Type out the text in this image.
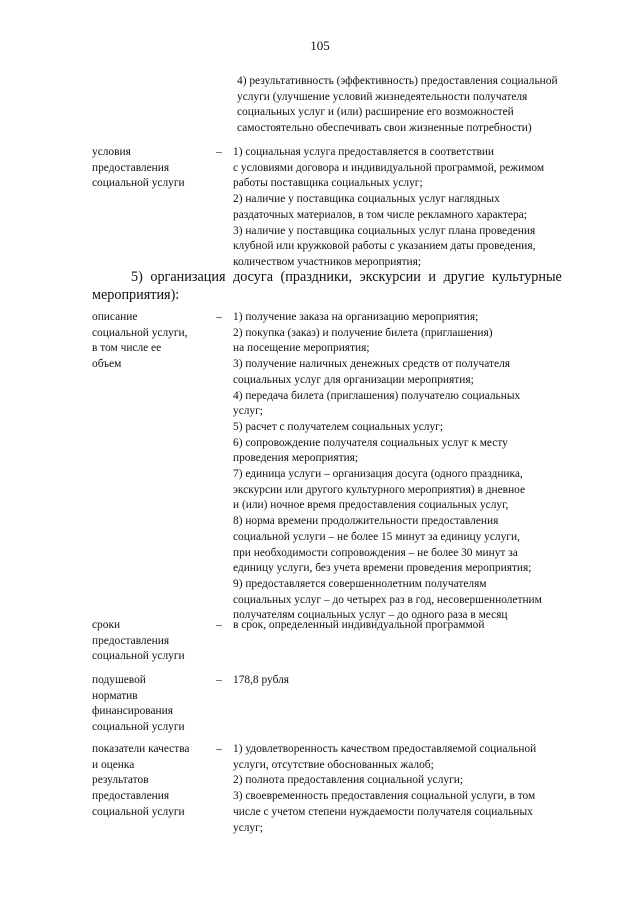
105
4) результативность (эффективность) предоставления социальной
услуги (улучшение условий жизнедеятельности получателя
социальных услуг и (или) расширение его возможностей
самостоятельно обеспечивать свои жизненные потребности)
условия
предоставления
социальной услуги
– 1) социальная услуга предоставляется в соответствии
с условиями договора и индивидуальной программой, режимом
работы поставщика социальных услуг;
2) наличие у поставщика социальных услуг наглядных
раздаточных материалов, в том числе рекламного характера;
3) наличие у поставщика социальных услуг плана проведения
клубной или кружковой работы с указанием даты проведения,
количеством участников мероприятия;
5) организация досуга (праздники, экскурсии и другие культурные
мероприятия):
описание
социальной услуги,
в том числе ее
объем
– 1) получение заказа на организацию мероприятия;
2) покупка (заказ) и получение билета (приглашения)
на посещение мероприятия;
3) получение наличных денежных средств от получателя
социальных услуг для организации мероприятия;
4) передача билета (приглашения) получателю социальных
услуг;
5) расчет с получателем социальных услуг;
6) сопровождение получателя социальных услуг к месту
проведения мероприятия;
7) единица услуги – организация досуга (одного праздника,
экскурсии или другого культурного мероприятия) в дневное
и (или) ночное время предоставления социальных услуг,
8) норма времени продолжительности предоставления
социальной услуги – не более 15 минут за единицу услуги,
при необходимости сопровождения – не более 30 минут за
единицу услуги, без учета времени проведения мероприятия;
9) предоставляется совершеннолетним получателям
социальных услуг – до четырех раз в год, несовершеннолетним
получателям социальных услуг – до одного раза в месяц
сроки
предоставления
социальной услуги
– в срок, определенный индивидуальной программой
подушевой
норматив
финансирования
социальной услуги
– 178,8 рубля
показатели качества
и оценка
результатов
предоставления
социальной услуги
– 1) удовлетворенность качеством предоставляемой социальной
услуги, отсутствие обоснованных жалоб;
2) полнота предоставления социальной услуги;
3) своевременность предоставления социальной услуги, в том
числе с учетом степени нуждаемости получателя социальных
услуг;
